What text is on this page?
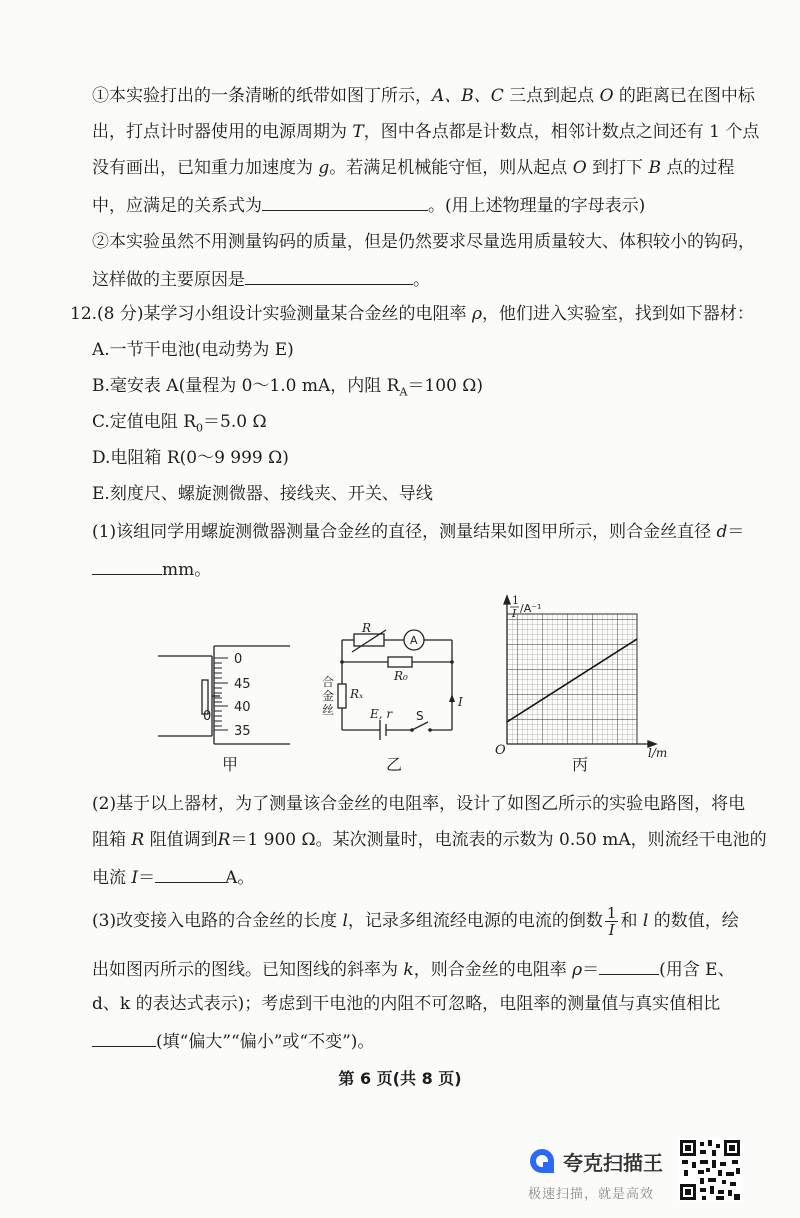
①本实验打出的一条清晰的纸带如图丁所示，A、B、C 三点到起点 O 的距离已在图中标
出，打点计时器使用的电源周期为 T，图中各点都是计数点，相邻计数点之间还有 1 个点
没有画出，已知重力加速度为 g。若满足机械能守恒，则从起点 O 到打下 B 点的过程
中，应满足的关系式为	。(用上述物理量的字母表示)
②本实验虽然不用测量钩码的质量，但是仍然要求尽量选用质量较大、体积较小的钩码，
这样做的主要原因是	。
12.(8 分)某学习小组设计实验测量某合金丝的电阻率 ρ，他们进入实验室，找到如下器材：
A.一节干电池(电动势为 E)
B.毫安表 A(量程为 0～1.0 mA，内阻 $R_A=100$ Ω)
C.定值电阻 $R_0=5.0$ Ω
D.电阻箱 R(0～9 999 Ω)
E.刻度尺、螺旋测微器、接线夹、开关、导线
(1)该组同学用螺旋测微器测量合金丝的直径，测量结果如图甲所示，则合金丝直径 d＝
mm。
0
45
40
35
0
甲
R
A
R₀
Rₓ
E, r
I
S
合
金
丝
乙
1
I /A⁻¹
O	l/m
丙
(2)基于以上器材，为了测量该合金丝的电阻率，设计了如图乙所示的实验电路图，将电
阻箱 R 阻值调到R＝1 900 Ω。某次测量时，电流表的示数为 0.50 mA，则流经干电池的
电流 I＝	A。
(3)改变接入电路的合金丝的长度 l，记录多组流经电源的电流的倒数 $\frac{1}{I}$ 和 l 的数值，绘
出如图丙所示的图线。已知图线的斜率为 k，则合金丝的电阻率 ρ＝	(用含 E、
d、k 的表达式表示)；考虑到干电池的内阻不可忽略，电阻率的测量值与真实值相比
(填“偏大”“偏小”或“不变”)。
第 6 页(共 8 页)
夸克扫描王
极速扫描，就是高效
